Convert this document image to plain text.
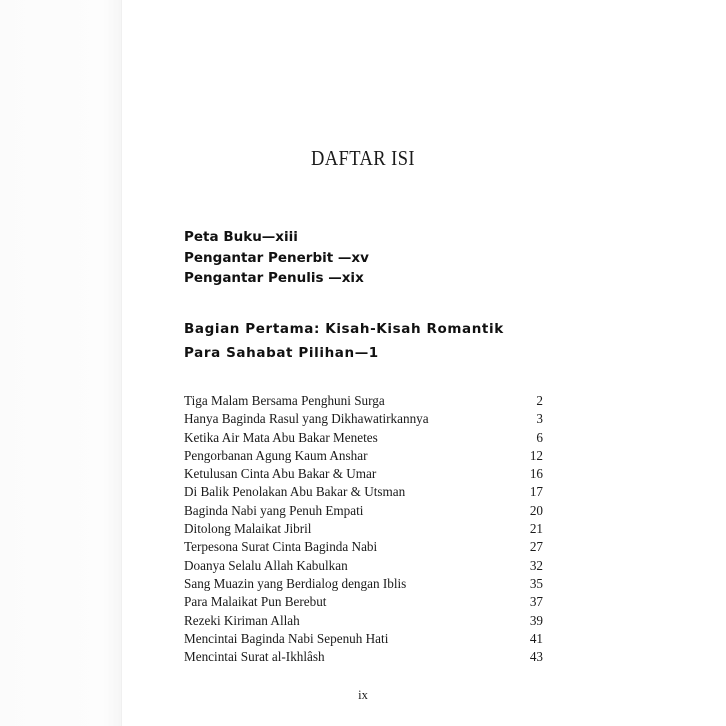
DAFTAR ISI
Peta Buku—xiii
Pengantar Penerbit —xv
Pengantar Penulis —xix
Bagian Pertama: Kisah-Kisah Romantik
Para Sahabat Pilihan—1
Tiga Malam Bersama Penghuni Surga	2
Hanya Baginda Rasul yang Dikhawatirkannya	3
Ketika Air Mata Abu Bakar Menetes	6
Pengorbanan Agung Kaum Anshar	12
Ketulusan Cinta Abu Bakar & Umar	16
Di Balik Penolakan Abu Bakar & Utsman	17
Baginda Nabi yang Penuh Empati	20
Ditolong Malaikat Jibril	21
Terpesona Surat Cinta Baginda Nabi	27
Doanya Selalu Allah Kabulkan	32
Sang Muazin yang Berdialog dengan Iblis	35
Para Malaikat Pun Berebut	37
Rezeki Kiriman Allah	39
Mencintai Baginda Nabi Sepenuh Hati	41
Mencintai Surat al-Ikhlâsh	43
ix
